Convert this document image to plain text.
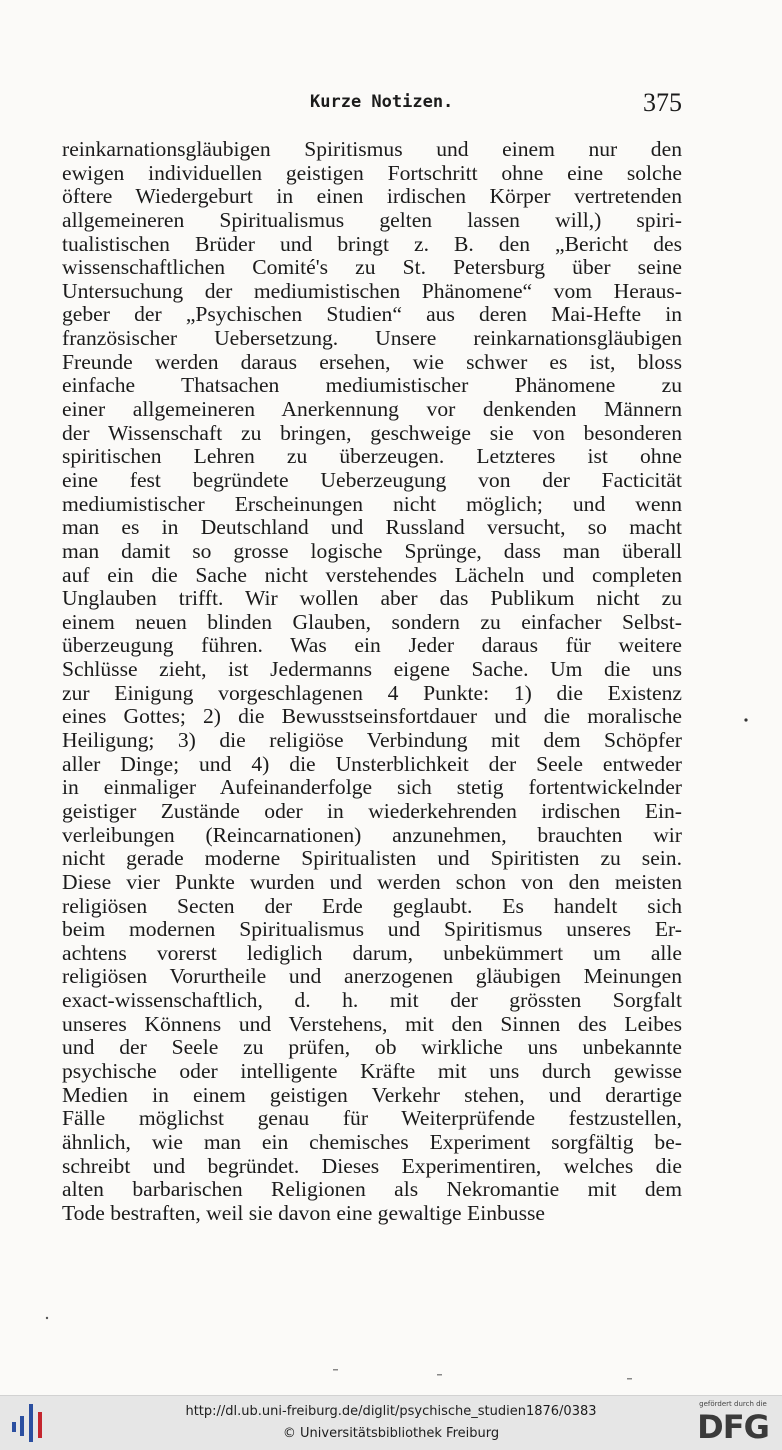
Kurze Notizen.	375
reinkarnationsgläubigen Spiritismus und einem nur den
ewigen individuellen geistigen Fortschritt ohne eine solche
öftere Wiedergeburt in einen irdischen Körper vertretenden
allgemeineren Spiritualismus gelten lassen will,) spiri-
tualistischen Brüder und bringt z. B. den „Bericht des
wissenschaftlichen Comité's zu St. Petersburg über seine
Untersuchung der mediumistischen Phänomene“ vom Heraus-
geber der „Psychischen Studien“ aus deren Mai-Hefte in
französischer Uebersetzung. Unsere reinkarnationsgläubigen
Freunde werden daraus ersehen, wie schwer es ist, bloss
einfache Thatsachen mediumistischer Phänomene zu
einer allgemeineren Anerkennung vor denkenden Männern
der Wissenschaft zu bringen, geschweige sie von besonderen
spiritischen Lehren zu überzeugen. Letzteres ist ohne
eine fest begründete Ueberzeugung von der Facticität
mediumistischer Erscheinungen nicht möglich; und wenn
man es in Deutschland und Russland versucht, so macht
man damit so grosse logische Sprünge, dass man überall
auf ein die Sache nicht verstehendes Lächeln und completen
Unglauben trifft. Wir wollen aber das Publikum nicht zu
einem neuen blinden Glauben, sondern zu einfacher Selbst-
überzeugung führen. Was ein Jeder daraus für weitere
Schlüsse zieht, ist Jedermanns eigene Sache. Um die uns
zur Einigung vorgeschlagenen 4 Punkte: 1) die Existenz
eines Gottes; 2) die Bewusstseinsfortdauer und die moralische
Heiligung; 3) die religiöse Verbindung mit dem Schöpfer
aller Dinge; und 4) die Unsterblichkeit der Seele entweder
in einmaliger Aufeinanderfolge sich stetig fortentwickelnder
geistiger Zustände oder in wiederkehrenden irdischen Ein-
verleibungen (Reincarnationen) anzunehmen, brauchten wir
nicht gerade moderne Spiritualisten und Spiritisten zu sein.
Diese vier Punkte wurden und werden schon von den meisten
religiösen Secten der Erde geglaubt. Es handelt sich
beim modernen Spiritualismus und Spiritismus unseres Er-
achtens vorerst lediglich darum, unbekümmert um alle
religiösen Vorurtheile und anerzogenen gläubigen Meinungen
exact-wissenschaftlich, d. h. mit der grössten Sorgfalt
unseres Könnens und Verstehens, mit den Sinnen des Leibes
und der Seele zu prüfen, ob wirkliche uns unbekannte
psychische oder intelligente Kräfte mit uns durch gewisse
Medien in einem geistigen Verkehr stehen, und derartige
Fälle möglichst genau für Weiterprüfende festzustellen,
ähnlich, wie man ein chemisches Experiment sorgfältig be-
schreibt und begründet. Dieses Experimentiren, welches die
alten barbarischen Religionen als Nekromantie mit dem
Tode bestraften, weil sie davon eine gewaltige Einbusse
http://dl.ub.uni-freiburg.de/diglit/psychische_studien1876/0383
© Universitätsbibliothek Freiburg
gefördert durch die
DFG
